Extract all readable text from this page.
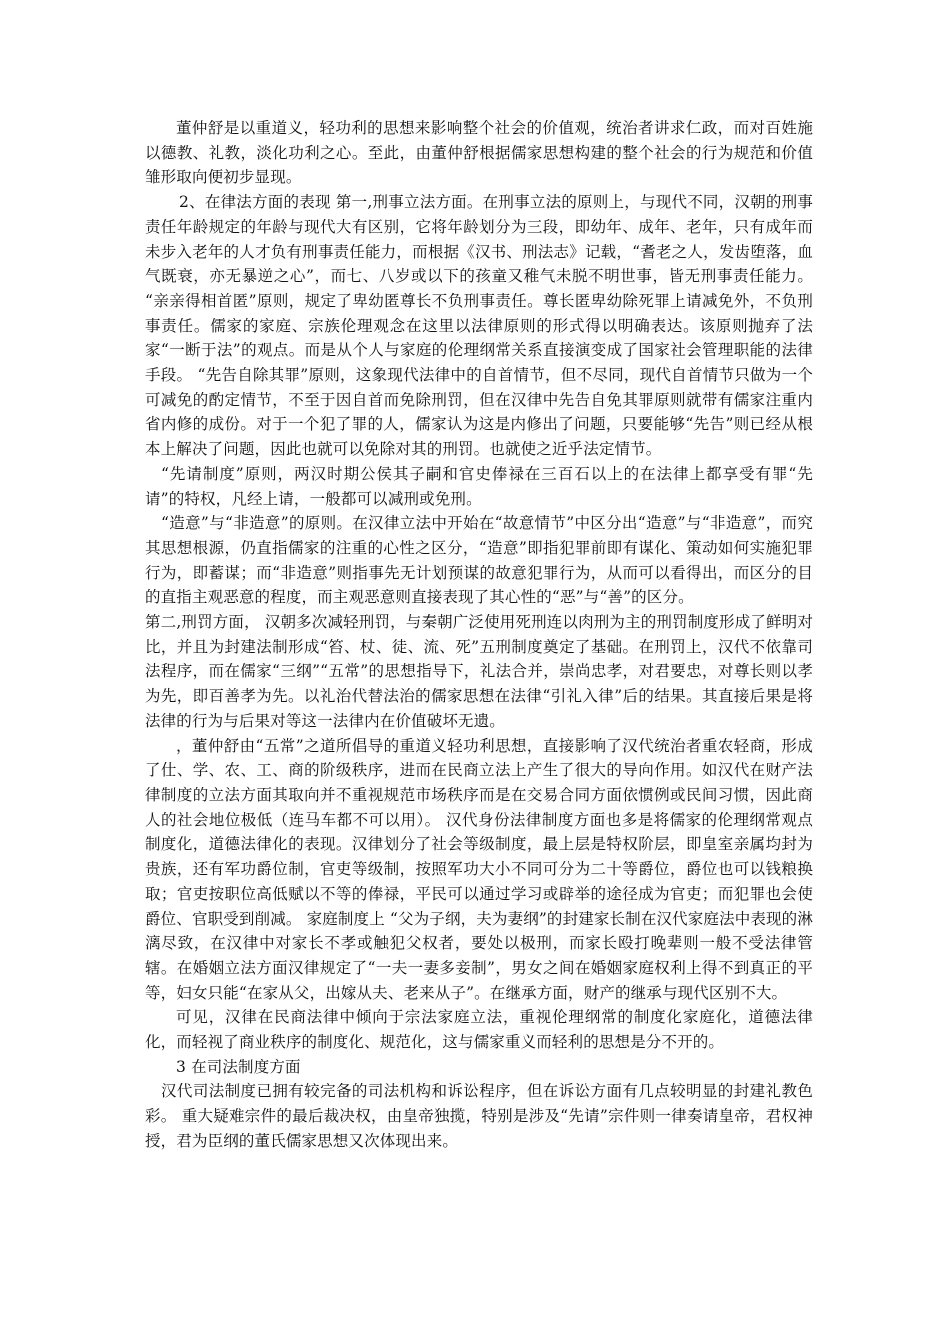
董仲舒是以重道义，轻功利的思想来影响整个社会的价值观，统治者讲求仁政，而对百姓施以德教、礼教，淡化功利之心。至此，由董仲舒根据儒家思想构建的整个社会的行为规范和价值雏形取向便初步显现。

2、在律法方面的表现 第一,刑事立法方面。在刑事立法的原则上，与现代不同，汉朝的刑事责任年龄规定的年龄与现代大有区别，它将年龄划分为三段，即幼年、成年、老年，只有成年而未步入老年的人才负有刑事责任能力，而根据《汉书、刑法志》记载，“耆老之人，发齿堕落，血气既衰，亦无暴逆之心”，而七、八岁或以下的孩童又稚气未脱不明世事，皆无刑事责任能力。 “亲亲得相首匿”原则，规定了卑幼匿尊长不负刑事责任。尊长匿卑幼除死罪上请减免外，不负刑事责任。儒家的家庭、宗族伦理观念在这里以法律原则的形式得以明确表达。该原则抛弃了法家“一断于法”的观点。而是从个人与家庭的伦理纲常关系直接演变成了国家社会管理职能的法律手段。 “先告自除其罪”原则，这象现代法律中的自首情节，但不尽同，现代自首情节只做为一个可减免的酌定情节，不至于因自首而免除刑罚，但在汉律中先告自免其罪原则就带有儒家注重内省内修的成份。对于一个犯了罪的人，儒家认为这是内修出了问题，只要能够“先告”则已经从根本上解决了问题，因此也就可以免除对其的刑罚。也就使之近乎法定情节。

“先请制度”原则，两汉时期公侯其子嗣和官史俸禄在三百石以上的在法律上都享受有罪“先请”的特权，凡经上请，一般都可以减刑或免刑。

“造意”与“非造意”的原则。在汉律立法中开始在“故意情节”中区分出“造意”与“非造意”，而究其思想根源，仍直指儒家的注重的心性之区分，“造意”即指犯罪前即有谋化、策动如何实施犯罪行为，即蓄谋；而“非造意”则指事先无计划预谋的故意犯罪行为，从而可以看得出，而区分的目的直指主观恶意的程度，而主观恶意则直接表现了其心性的“恶”与“善”的区分。

第二,刑罚方面， 汉朝多次减轻刑罚，与秦朝广泛使用死刑连以肉刑为主的刑罚制度形成了鲜明对比，并且为封建法制形成“笞、杖、徒、流、死”五刑制度奠定了基础。在刑罚上，汉代不依靠司法程序，而在儒家“三纲”“五常”的思想指导下，礼法合并，崇尚忠孝，对君要忠，对尊长则以孝为先，即百善孝为先。以礼治代替法治的儒家思想在法律“引礼入律”后的结果。其直接后果是将法律的行为与后果对等这一法律内在价值破坏无遗。

，董仲舒由“五常”之道所倡导的重道义轻功利思想，直接影响了汉代统治者重农轻商，形成了仕、学、农、工、商的阶级秩序，进而在民商立法上产生了很大的导向作用。如汉代在财产法律制度的立法方面其取向并不重视规范市场秩序而是在交易合同方面依惯例或民间习惯，因此商人的社会地位极低（连马车都不可以用）。 汉代身份法律制度方面也多是将儒家的伦理纲常观点制度化，道德法律化的表现。汉律划分了社会等级制度，最上层是特权阶层，即皇室亲属均封为贵族，还有军功爵位制，官吏等级制，按照军功大小不同可分为二十等爵位，爵位也可以钱粮换取；官吏按职位高低赋以不等的俸禄，平民可以通过学习或辟举的途径成为官吏；而犯罪也会使爵位、官职受到削减。 家庭制度上 “父为子纲，夫为妻纲”的封建家长制在汉代家庭法中表现的淋漓尽致，在汉律中对家长不孝或触犯父权者，要处以极刑，而家长殴打晚辈则一般不受法律管辖。在婚姻立法方面汉律规定了“一夫一妻多妾制”，男女之间在婚姻家庭权利上得不到真正的平等，妇女只能“在家从父，出嫁从夫、老来从子”。在继承方面，财产的继承与现代区别不大。

可见，汉律在民商法律中倾向于宗法家庭立法，重视伦理纲常的制度化家庭化，道德法律化，而轻视了商业秩序的制度化、规范化，这与儒家重义而轻利的思想是分不开的。

3 在司法制度方面

汉代司法制度已拥有较完备的司法机构和诉讼程序，但在诉讼方面有几点较明显的封建礼教色彩。 重大疑难宗件的最后裁决权，由皇帝独揽，特别是涉及“先请”宗件则一律奏请皇帝，君权神授，君为臣纲的董氏儒家思想又次体现出来。
